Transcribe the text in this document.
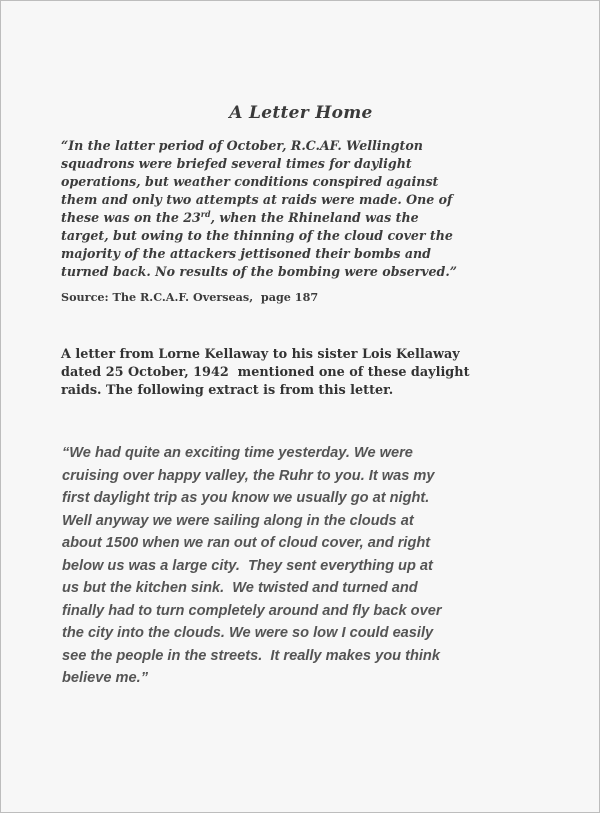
A Letter Home
“In the latter period of October, R.C.AF. Wellington
squadrons were briefed several times for daylight
operations, but weather conditions conspired against
them and only two attempts at raids were made. One of
these was on the 23rd, when the Rhineland was the
target, but owing to the thinning of the cloud cover the
majority of the attackers jettisoned their bombs and
turned back. No results of the bombing were observed.”
Source: The R.C.A.F. Overseas,  page 187
A letter from Lorne Kellaway to his sister Lois Kellaway
dated 25 October, 1942  mentioned one of these daylight
raids. The following extract is from this letter.
“We had quite an exciting time yesterday. We were
cruising over happy valley, the Ruhr to you. It was my
first daylight trip as you know we usually go at night.
Well anyway we were sailing along in the clouds at
about 1500 when we ran out of cloud cover, and right
below us was a large city.  They sent everything up at
us but the kitchen sink.  We twisted and turned and
finally had to turn completely around and fly back over
the city into the clouds. We were so low I could easily
see the people in the streets.  It really makes you think
believe me.”
